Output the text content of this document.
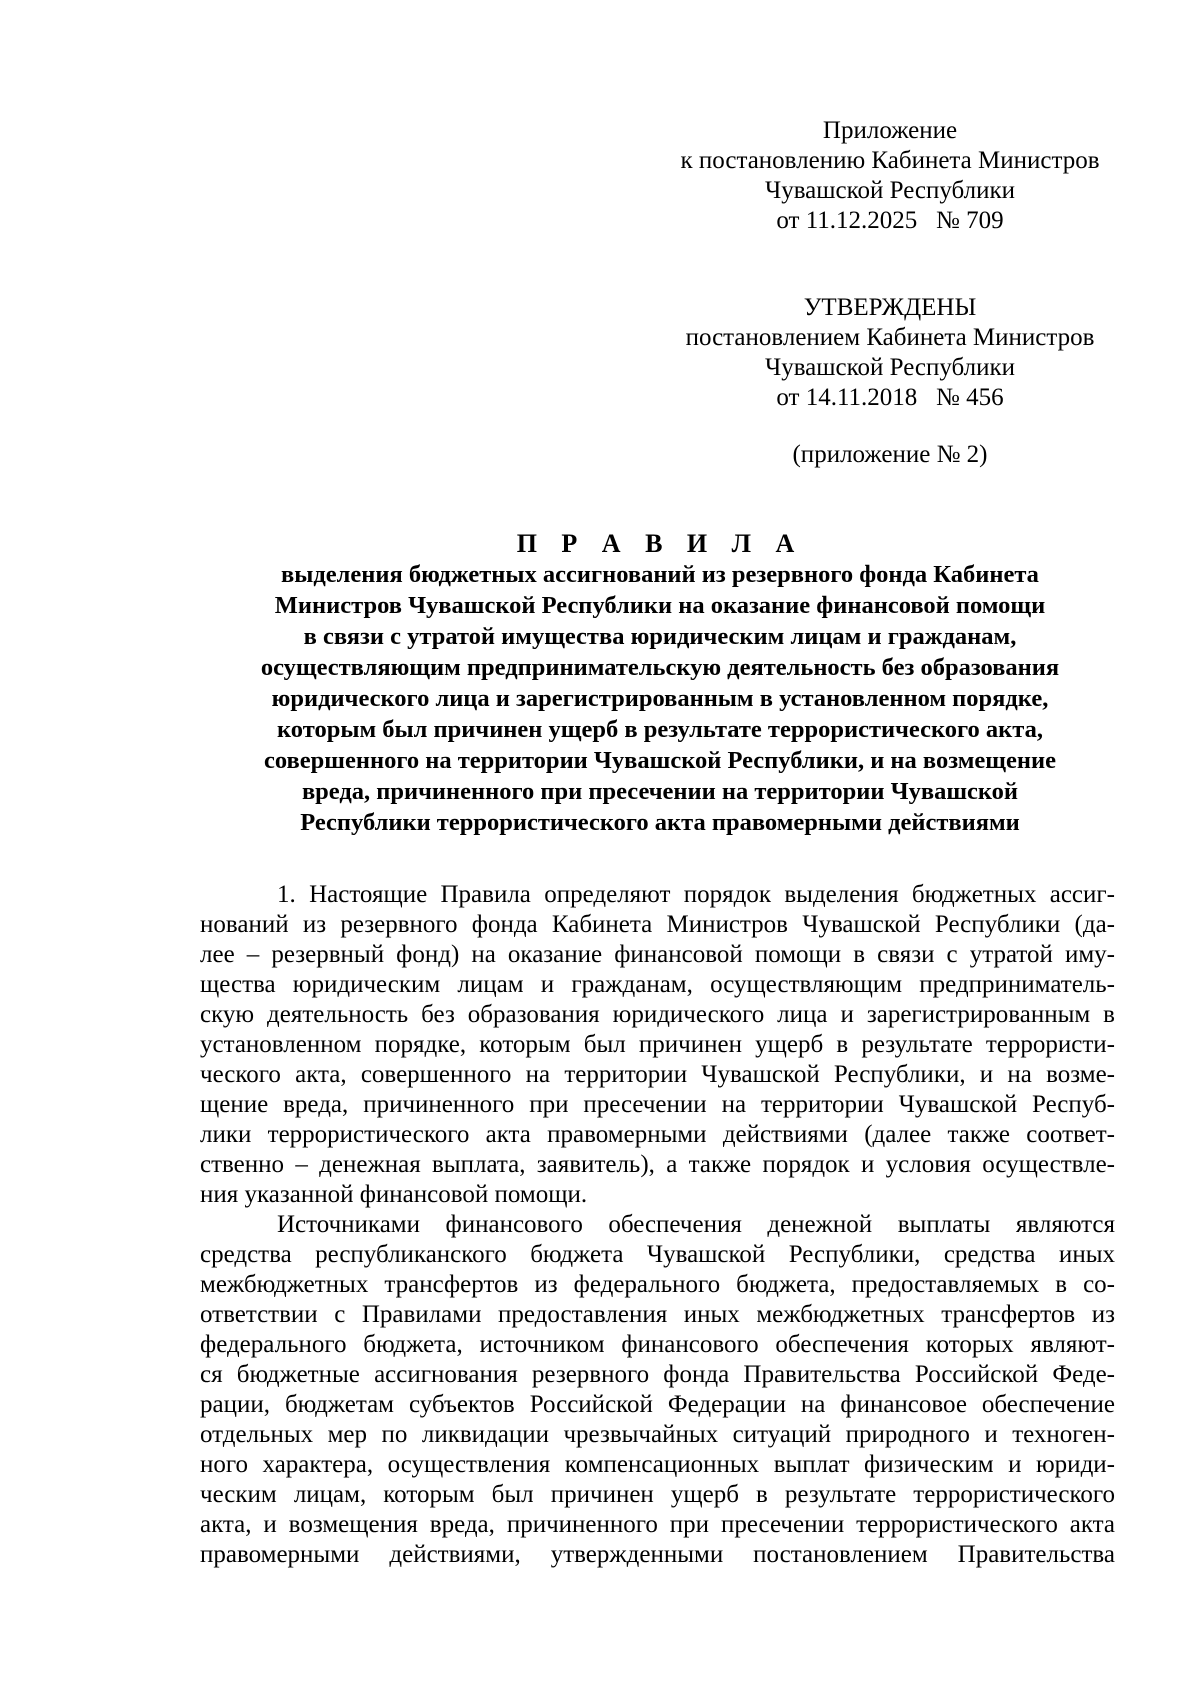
Приложение
к постановлению Кабинета Министров
Чувашской Республики
от 11.12.2025   № 709
УТВЕРЖДЕНЫ
постановлением Кабинета Министров
Чувашской Республики
от 14.11.2018   № 456
(приложение № 2)
П Р А В И Л А
выделения бюджетных ассигнований из резервного фонда Кабинета
Министров Чувашской Республики на оказание финансовой помощи
в связи с утратой имущества юридическим лицам и гражданам,
осуществляющим предпринимательскую деятельность без образования
юридического лица и зарегистрированным в установленном порядке,
которым был причинен ущерб в результате террористического акта,
совершенного на территории Чувашской Республики, и на возмещение
вреда, причиненного при пресечении на территории Чувашской
Республики террористического акта правомерными действиями
1. Настоящие Правила определяют порядок выделения бюджетных ассиг-
нований из резервного фонда Кабинета Министров Чувашской Республики (да-
лее – резервный фонд) на оказание финансовой помощи в связи с утратой иму-
щества юридическим лицам и гражданам, осуществляющим предприниматель-
скую деятельность без образования юридического лица и зарегистрированным в
установленном порядке, которым был причинен ущерб в результате террористи-
ческого акта, совершенного на территории Чувашской Республики, и на возме-
щение вреда, причиненного при пресечении на территории Чувашской Респуб-
лики террористического акта правомерными действиями (далее также соответ-
ственно – денежная выплата, заявитель), а также порядок и условия осуществле-
ния указанной финансовой помощи.
Источниками финансового обеспечения денежной выплаты являются
средства республиканского бюджета Чувашской Республики, средства иных
межбюджетных трансфертов из федерального бюджета, предоставляемых в со-
ответствии с Правилами предоставления иных межбюджетных трансфертов из
федерального бюджета, источником финансового обеспечения которых являют-
ся бюджетные ассигнования резервного фонда Правительства Российской Феде-
рации, бюджетам субъектов Российской Федерации на финансовое обеспечение
отдельных мер по ликвидации чрезвычайных ситуаций природного и техноген-
ного характера, осуществления компенсационных выплат физическим и юриди-
ческим лицам, которым был причинен ущерб в результате террористического
акта, и возмещения вреда, причиненного при пресечении террористического акта
правомерными действиями, утвержденными постановлением Правительства
